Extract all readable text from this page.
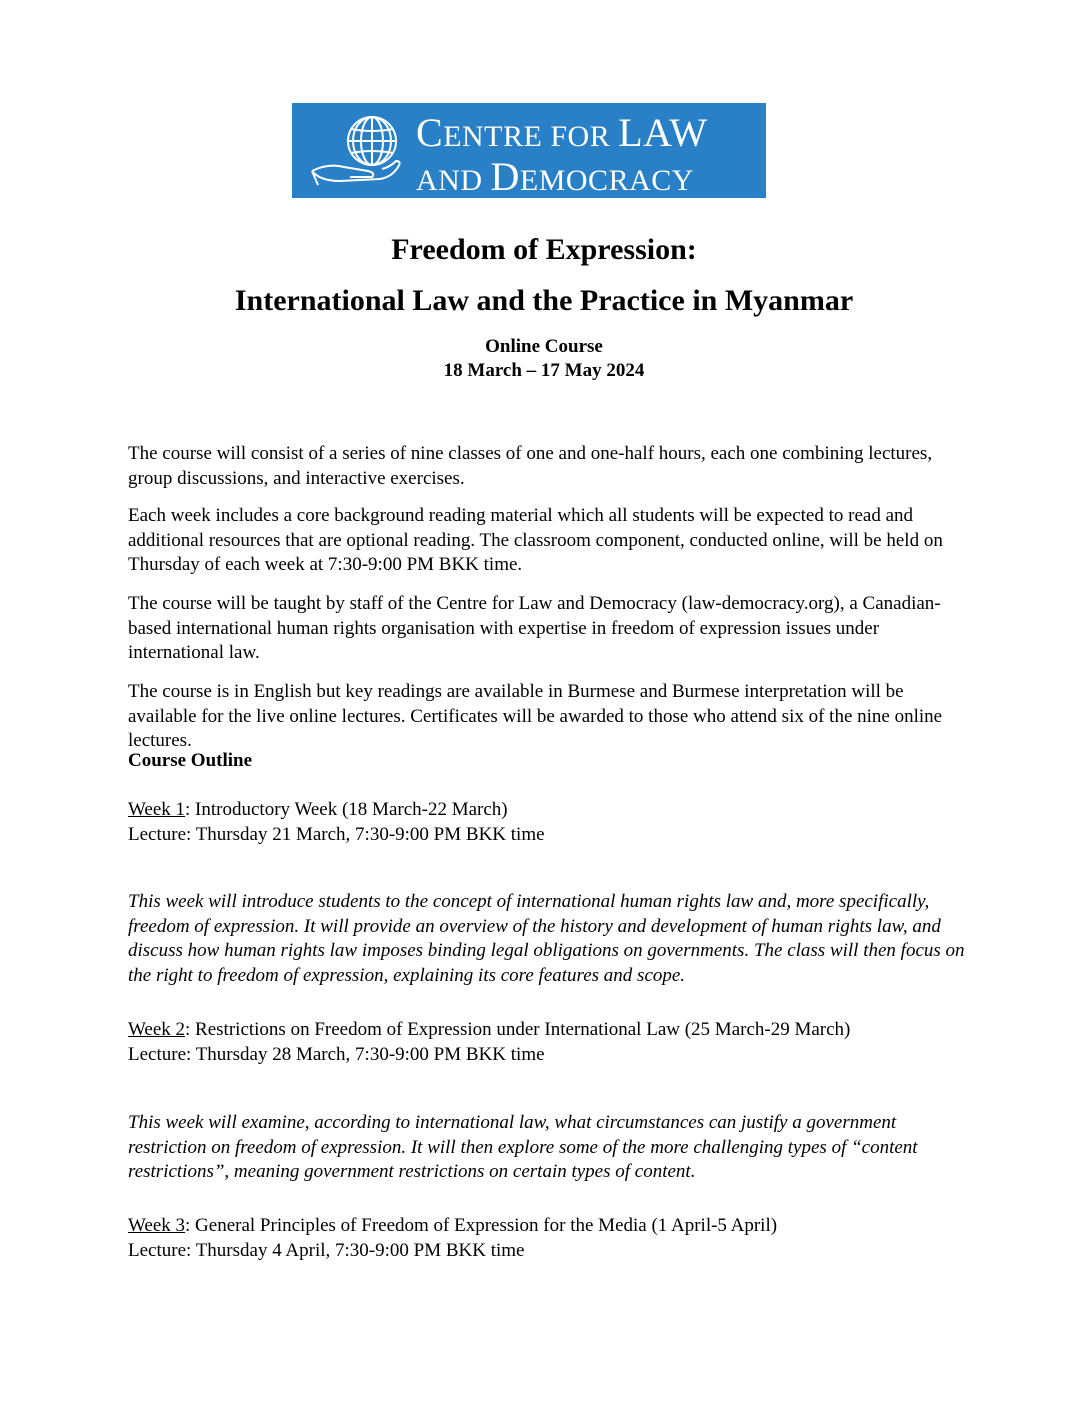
CENTRE FOR LAW
AND DEMOCRACY
Freedom of Expression:
International Law and the Practice in Myanmar
Online Course
18 March – 17 May 2024

The course will consist of a series of nine classes of one and one-half hours, each one combining lectures, group discussions, and interactive exercises.

Each week includes a core background reading material which all students will be expected to read and additional resources that are optional reading. The classroom component, conducted online, will be held on Thursday of each week at 7:30-9:00 PM BKK time.

The course will be taught by staff of the Centre for Law and Democracy (law-democracy.org), a Canadian-based international human rights organisation with expertise in freedom of expression issues under international law.

The course is in English but key readings are available in Burmese and Burmese interpretation will be available for the live online lectures. Certificates will be awarded to those who attend six of the nine online lectures.

Course Outline
Week 1: Introductory Week (18 March-22 March)
Lecture: Thursday 21 March, 7:30-9:00 PM BKK time

This week will introduce students to the concept of international human rights law and, more specifically, freedom of expression. It will provide an overview of the history and development of human rights law, and discuss how human rights law imposes binding legal obligations on governments. The class will then focus on the right to freedom of expression, explaining its core features and scope.

Week 2: Restrictions on Freedom of Expression under International Law (25 March-29 March)
Lecture: Thursday 28 March, 7:30-9:00 PM BKK time

This week will examine, according to international law, what circumstances can justify a government restriction on freedom of expression. It will then explore some of the more challenging types of “content restrictions”, meaning government restrictions on certain types of content.

Week 3: General Principles of Freedom of Expression for the Media (1 April-5 April)
Lecture: Thursday 4 April, 7:30-9:00 PM BKK time
